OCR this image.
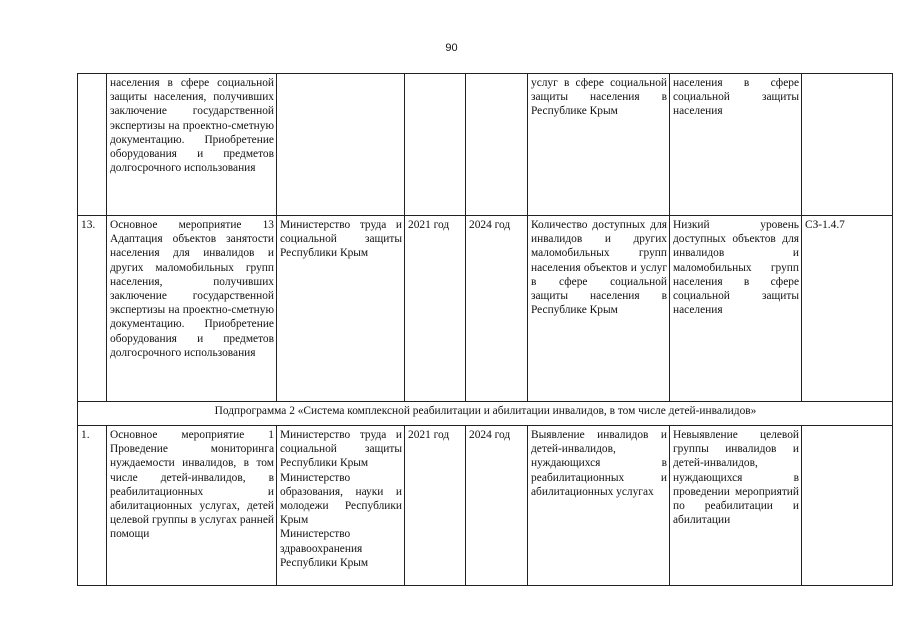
90
	населения в сфере социальной защиты населения, получивших заключение государственной экспертизы на проектно-сметную документацию. Приобретение оборудования и предметов долгосрочного использования				услуг в сфере социальной защиты населения в Республике Крым	населения в сфере социальной защиты населения	
13.	Основное мероприятие 13 Адаптация объектов занятости населения для инвалидов и других маломобильных групп населения, получивших заключение государственной экспертизы на проектно-сметную документацию. Приобретение оборудования и предметов долгосрочного использования	Министерство труда и социальной защиты Республики Крым	2021 год	2024 год	Количество доступных для инвалидов и других маломобильных групп населения объектов и услуг в сфере социальной защиты населения в Республике Крым	Низкий уровень доступных объектов для инвалидов и маломобильных групп населения в сфере социальной защиты населения	СЗ-1.4.7
Подпрограмма 2 «Система комплексной реабилитации и абилитации инвалидов, в том числе детей-инвалидов»							
1.	Основное мероприятие 1 Проведение мониторинга нуждаемости инвалидов, в том числе детей-инвалидов, в реабилитационных и абилитационных услугах, детей целевой группы в услугах ранней помощи	Министерство труда и социальной защиты Республики Крым
Министерство образования, науки и молодежи Республики Крым
Министерство здравоохранения Республики Крым	2021 год	2024 год	Выявление инвалидов и детей-инвалидов, нуждающихся в реабилитационных и абилитационных услугах	Невыявление целевой группы инвалидов и детей-инвалидов, нуждающихся в проведении мероприятий по реабилитации и абилитации	
